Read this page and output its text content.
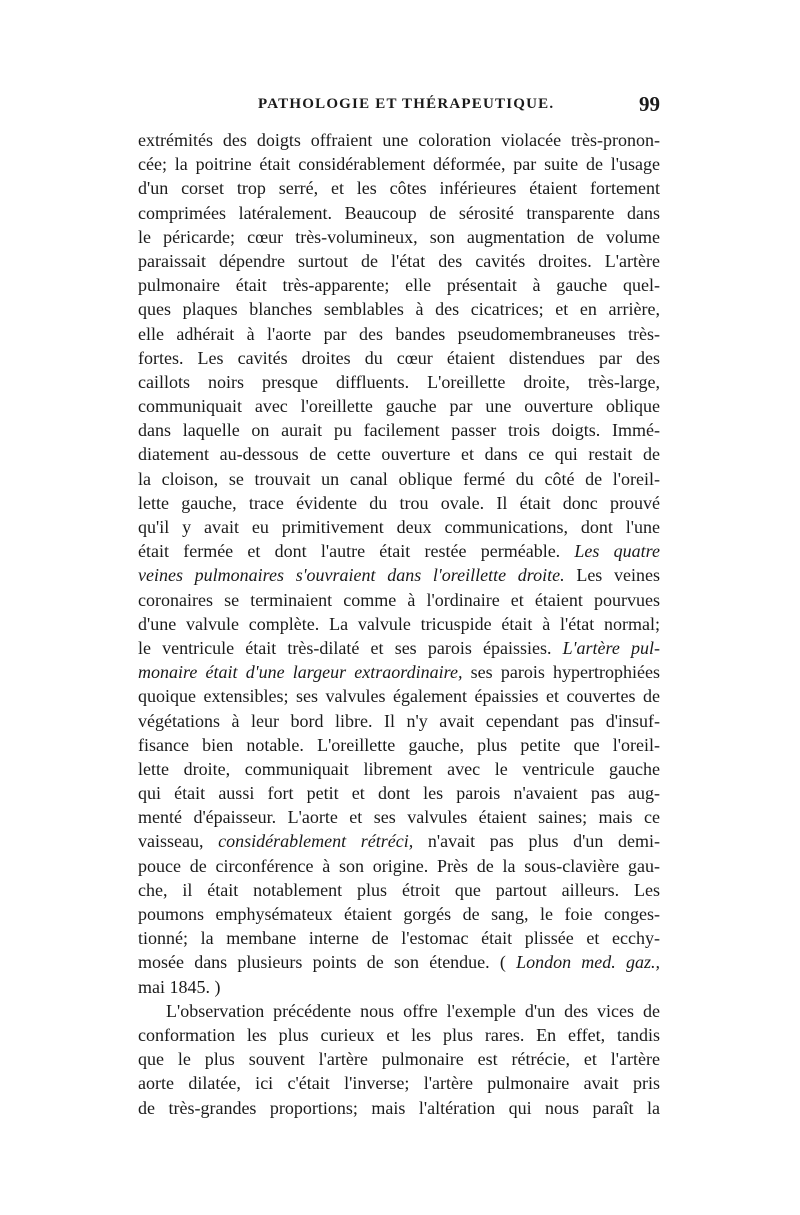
PATHOLOGIE ET THÉRAPEUTIQUE.	99
extrémités des doigts offraient une coloration violacée très-pronon-
cée; la poitrine était considérablement déformée, par suite de l'usage
d'un corset trop serré, et les côtes inférieures étaient fortement
comprimées latéralement. Beaucoup de sérosité transparente dans
le péricarde; cœur très-volumineux, son augmentation de volume
paraissait dépendre surtout de l'état des cavités droites. L'artère
pulmonaire était très-apparente; elle présentait à gauche quel-
ques plaques blanches semblables à des cicatrices; et en arrière,
elle adhérait à l'aorte par des bandes pseudomembraneuses très-
fortes. Les cavités droites du cœur étaient distendues par des
caillots noirs presque diffluents. L'oreillette droite, très-large,
communiquait avec l'oreillette gauche par une ouverture oblique
dans laquelle on aurait pu facilement passer trois doigts. Immé-
diatement au-dessous de cette ouverture et dans ce qui restait de
la cloison, se trouvait un canal oblique fermé du côté de l'oreil-
lette gauche, trace évidente du trou ovale. Il était donc prouvé
qu'il y avait eu primitivement deux communications, dont l'une
était fermée et dont l'autre était restée perméable. Les quatre
veines pulmonaires s'ouvraient dans l'oreillette droite. Les veines
coronaires se terminaient comme à l'ordinaire et étaient pourvues
d'une valvule complète. La valvule tricuspide était à l'état normal;
le ventricule était très-dilaté et ses parois épaissies. L'artère pul-
monaire était d'une largeur extraordinaire, ses parois hypertrophiées
quoique extensibles; ses valvules également épaissies et couvertes de
végétations à leur bord libre. Il n'y avait cependant pas d'insuf-
fisance bien notable. L'oreillette gauche, plus petite que l'oreil-
lette droite, communiquait librement avec le ventricule gauche
qui était aussi fort petit et dont les parois n'avaient pas aug-
menté d'épaisseur. L'aorte et ses valvules étaient saines; mais ce
vaisseau, considérablement rétréci, n'avait pas plus d'un demi-
pouce de circonférence à son origine. Près de la sous-clavière gau-
che, il était notablement plus étroit que partout ailleurs. Les
poumons emphysémateux étaient gorgés de sang, le foie conges-
tionné; la membane interne de l'estomac était plissée et ecchy-
mosée dans plusieurs points de son étendue. ( London med. gaz.,
mai 1845. )
L'observation précédente nous offre l'exemple d'un des vices de
conformation les plus curieux et les plus rares. En effet, tandis
que le plus souvent l'artère pulmonaire est rétrécie, et l'artère
aorte dilatée, ici c'était l'inverse; l'artère pulmonaire avait pris
de très-grandes proportions; mais l'altération qui nous paraît la
